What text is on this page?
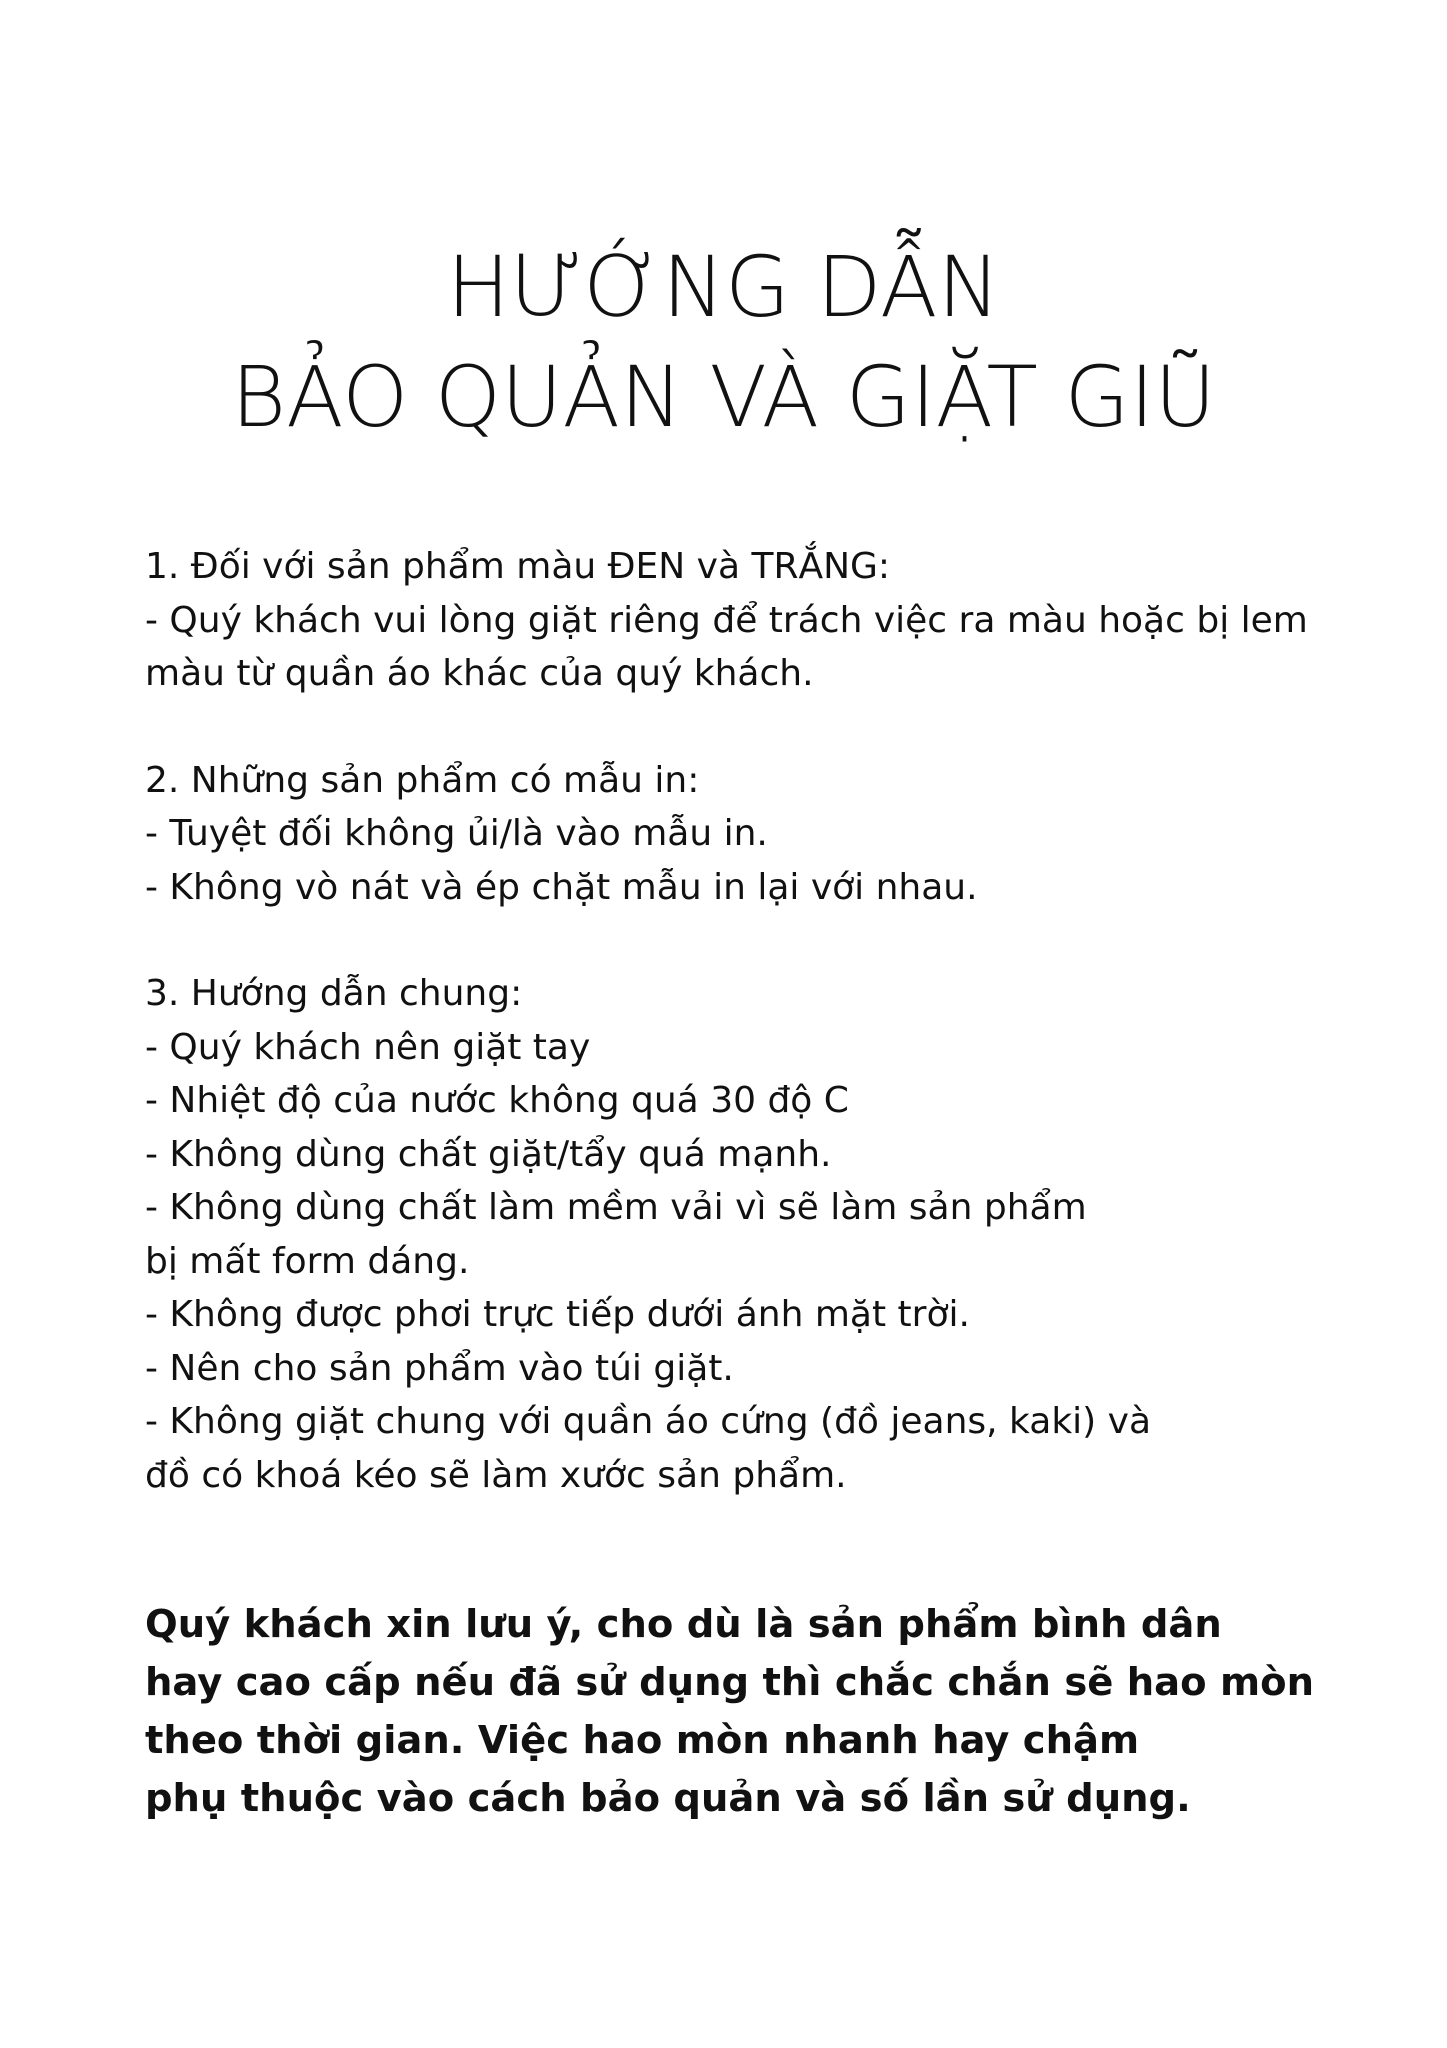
HƯỚNG DẪN
BẢO QUẢN VÀ GIẶT GIŨ
1. Đối với sản phẩm màu ĐEN và TRẮNG:
- Quý khách vui lòng giặt riêng để trách việc ra màu hoặc bị lem
màu từ quần áo khác của quý khách.
2. Những sản phẩm có mẫu in:
- Tuyệt đối không ủi/là vào mẫu in.
- Không vò nát và ép chặt mẫu in lại với nhau.
3. Hướng dẫn chung:
- Quý khách nên giặt tay
- Nhiệt độ của nước không quá 30 độ C
- Không dùng chất giặt/tẩy quá mạnh.
- Không dùng chất làm mềm vải vì sẽ làm sản phẩm
bị mất form dáng.
- Không được phơi trực tiếp dưới ánh mặt trời.
- Nên cho sản phẩm vào túi giặt.
- Không giặt chung với quần áo cứng (đồ jeans, kaki) và
đồ có khoá kéo sẽ làm xước sản phẩm.
Quý khách xin lưu ý, cho dù là sản phẩm bình dân
hay cao cấp nếu đã sử dụng thì chắc chắn sẽ hao mòn
theo thời gian. Việc hao mòn nhanh hay chậm
phụ thuộc vào cách bảo quản và số lần sử dụng.
